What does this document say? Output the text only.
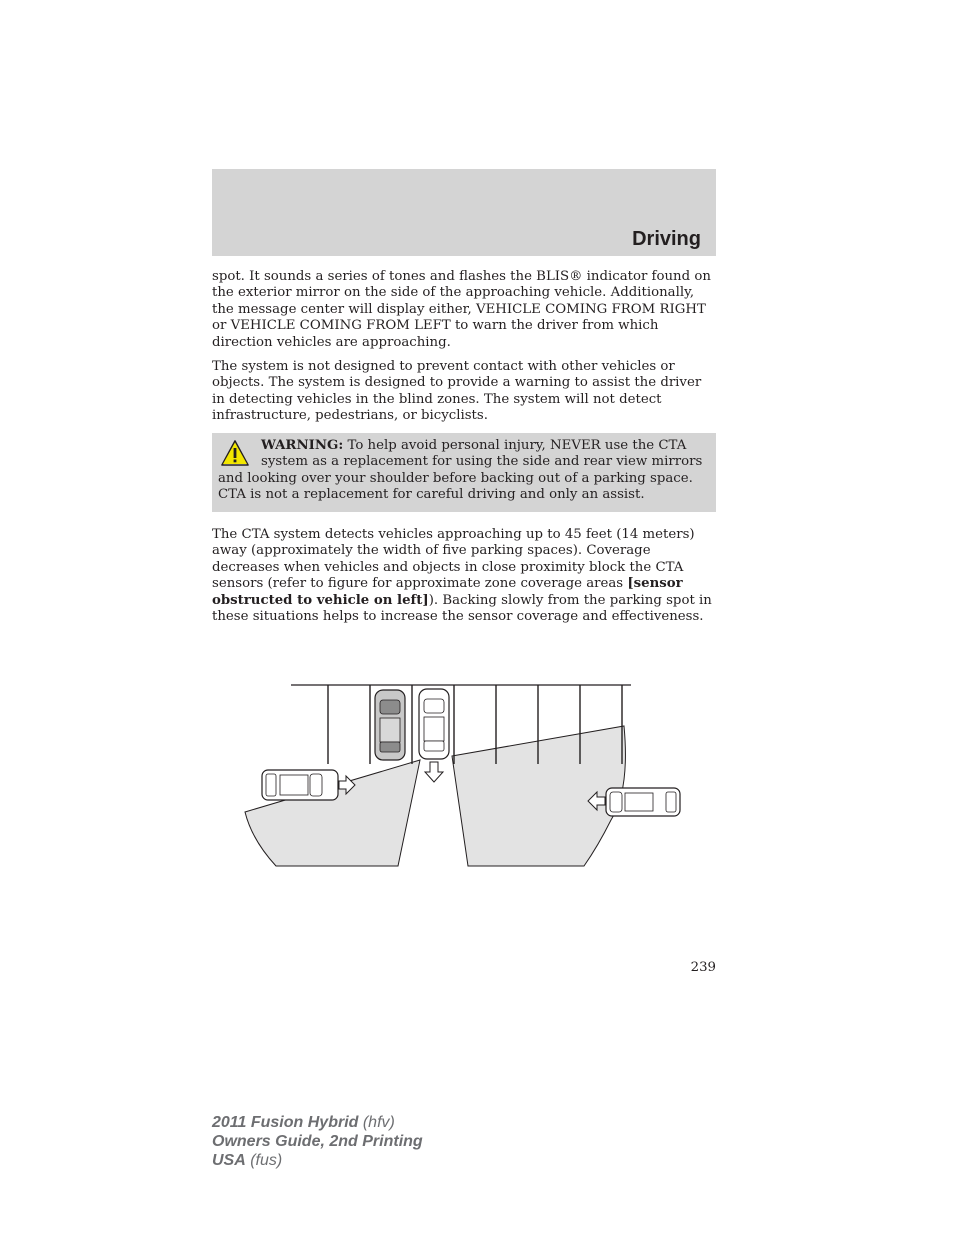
Driving

spot. It sounds a series of tones and flashes the BLIS® indicator found on the exterior mirror on the side of the approaching vehicle. Additionally, the message center will display either, VEHICLE COMING FROM RIGHT or VEHICLE COMING FROM LEFT to warn the driver from which direction vehicles are approaching.

The system is not designed to prevent contact with other vehicles or objects. The system is designed to provide a warning to assist the driver in detecting vehicles in the blind zones. The system will not detect infrastructure, pedestrians, or bicyclists.

WARNING: To help avoid personal injury, NEVER use the CTA system as a replacement for using the side and rear view mirrors and looking over your shoulder before backing out of a parking space. CTA is not a replacement for careful driving and only an assist.

The CTA system detects vehicles approaching up to 45 feet (14 meters) away (approximately the width of five parking spaces). Coverage decreases when vehicles and objects in close proximity block the CTA sensors (refer to figure for approximate zone coverage areas [sensor obstructed to vehicle on left]). Backing slowly from the parking spot in these situations helps to increase the sensor coverage and effectiveness.

239
2011 Fusion Hybrid (hfv)
Owners Guide, 2nd Printing
USA (fus)
